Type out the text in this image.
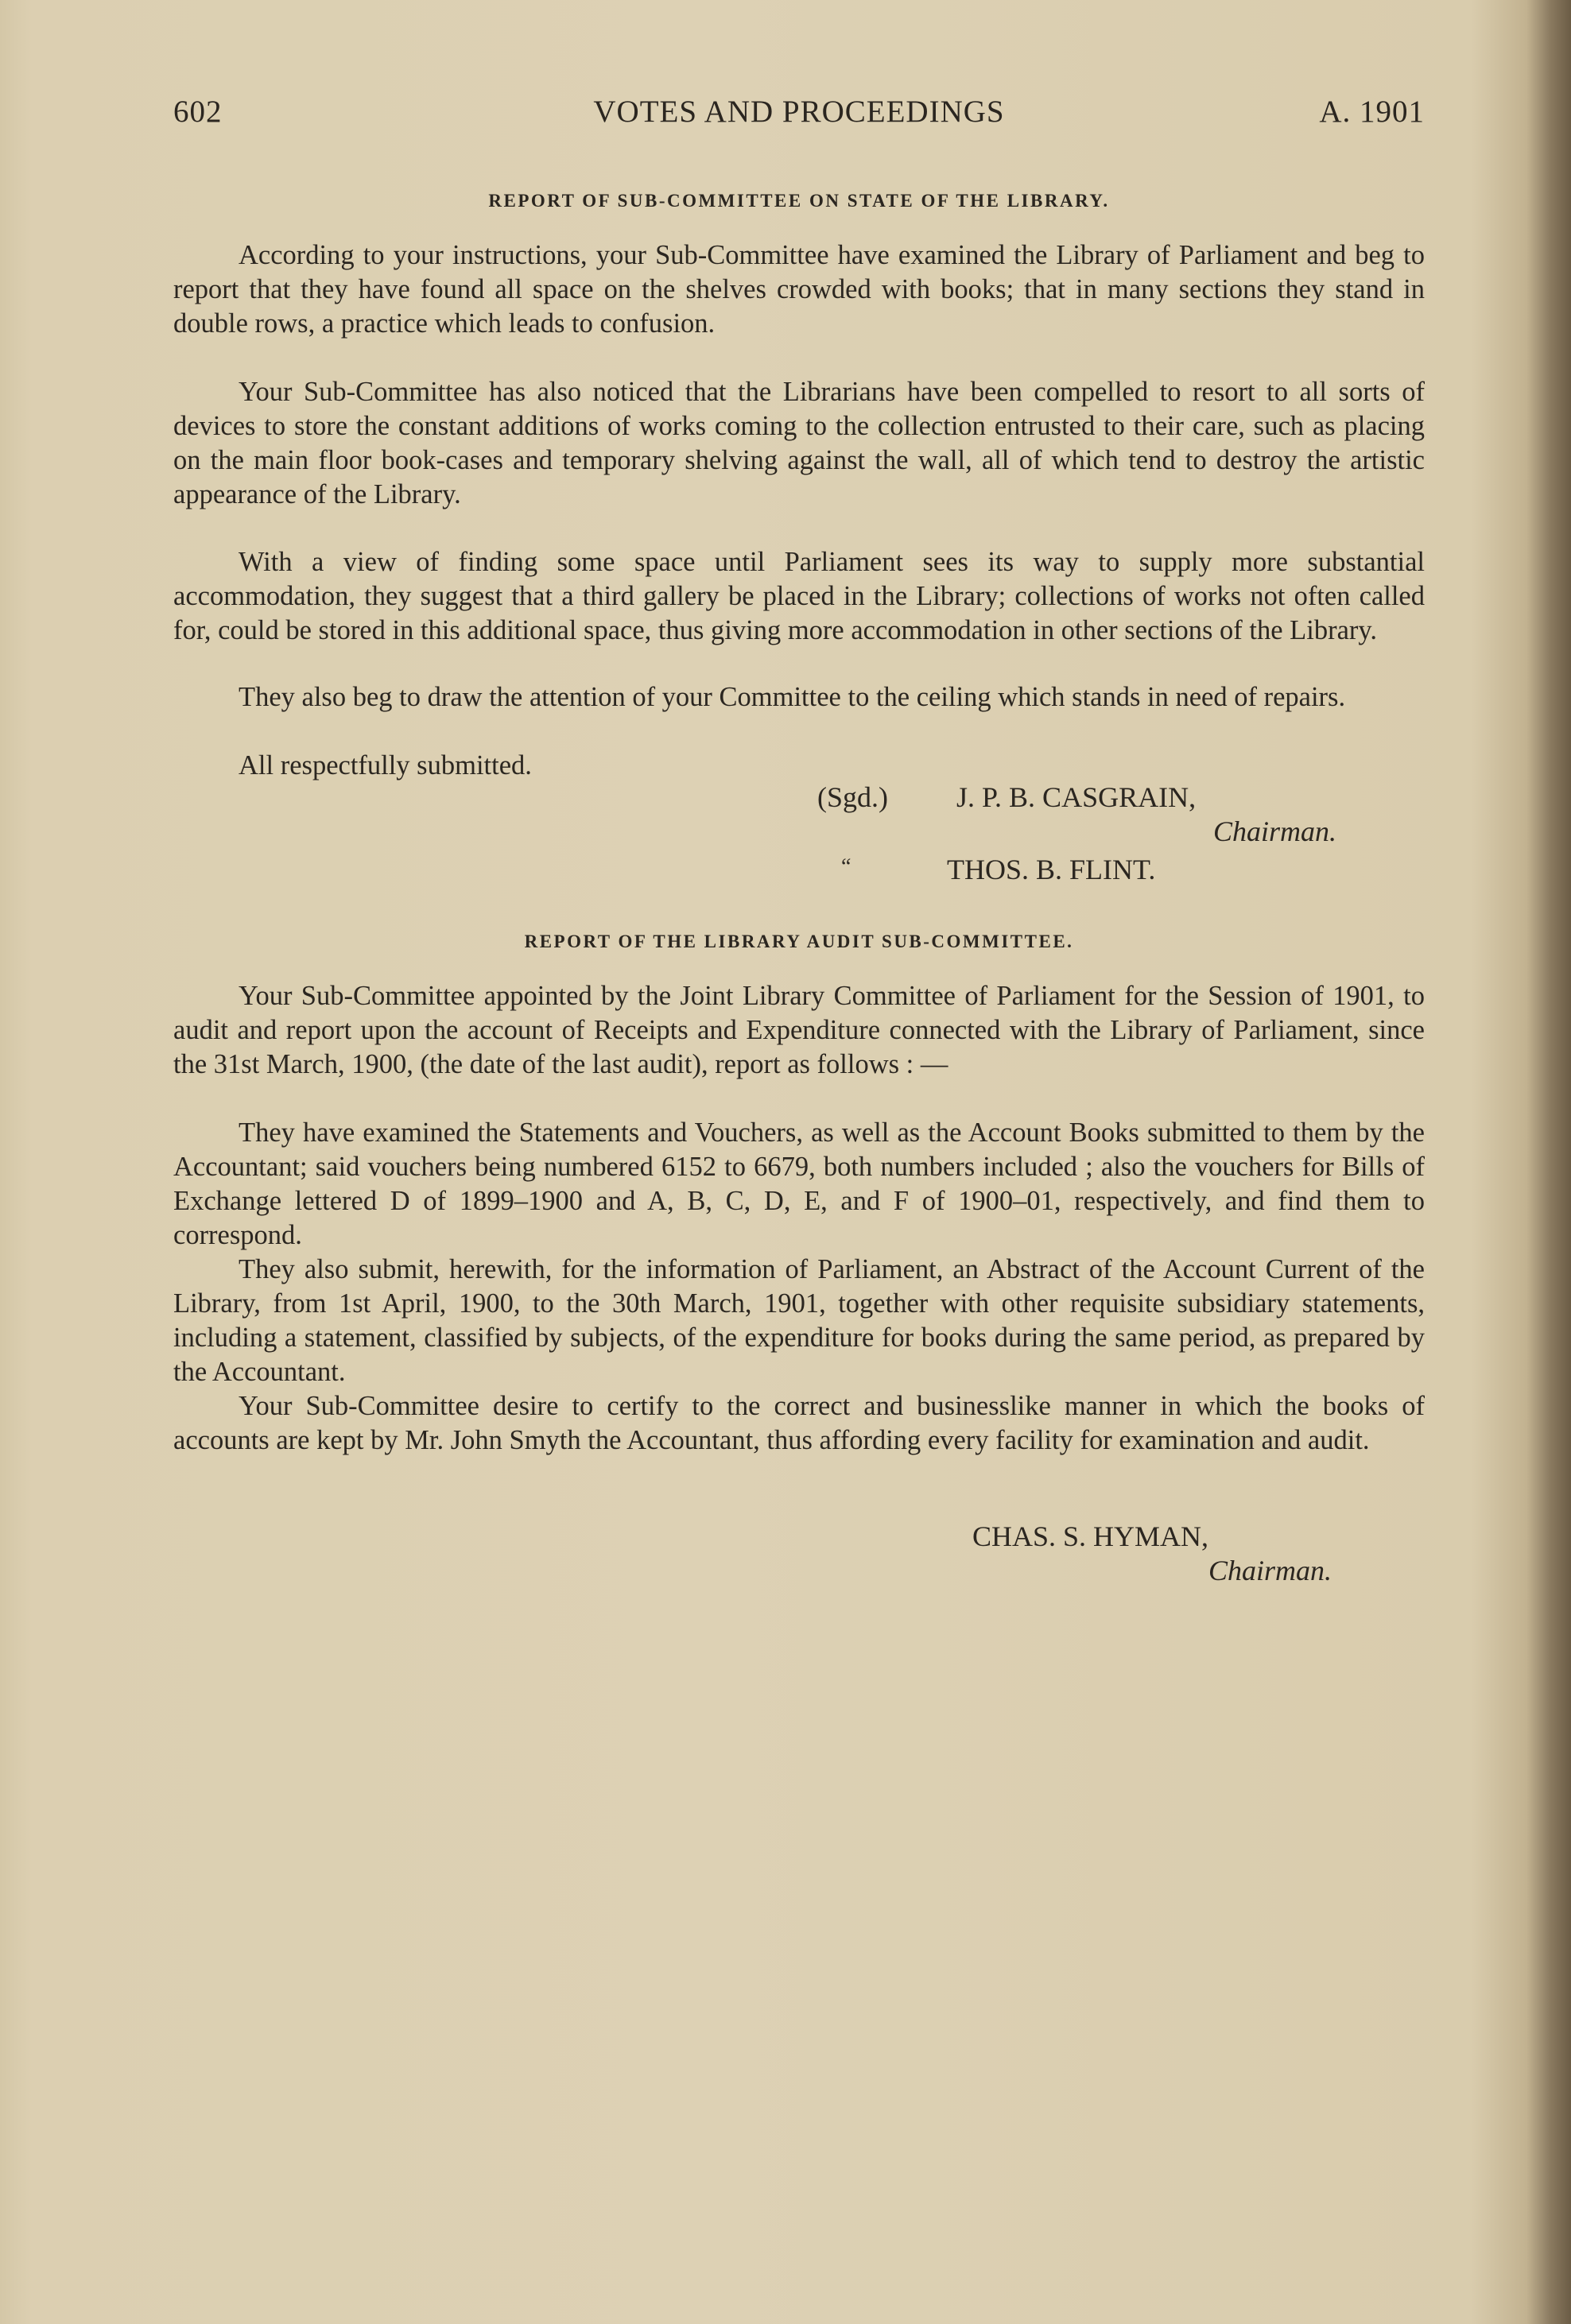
602	VOTES AND PROCEEDINGS	A. 1901
REPORT OF SUB-COMMITTEE ON STATE OF THE LIBRARY.

According to your instructions, your Sub-Committee have examined the Library of Parliament and beg to report that they have found all space on the shelves crowded with books; that in many sections they stand in double rows, a practice which leads to confusion.

Your Sub-Committee has also noticed that the Librarians have been compelled to resort to all sorts of devices to store the constant additions of works coming to the collection entrusted to their care, such as placing on the main floor book-cases and temporary shelving against the wall, all of which tend to destroy the artistic appearance of the Library.

With a view of finding some space until Parliament sees its way to supply more substantial accommodation, they suggest that a third gallery be placed in the Library; collections of works not often called for, could be stored in this additional space, thus giving more accommodation in other sections of the Library.

They also beg to draw the attention of your Committee to the ceiling which stands in need of repairs.

All respectfully submitted.

(Sgd.) J. P. B. CASGRAIN,
Chairman.
“	THOS. B. FLINT.
REPORT OF THE LIBRARY AUDIT SUB-COMMITTEE.

Your Sub-Committee appointed by the Joint Library Committee of Parliament for the Session of 1901, to audit and report upon the account of Receipts and Expenditure connected with the Library of Parliament, since the 31st March, 1900, (the date of the last audit), report as follows : —

They have examined the Statements and Vouchers, as well as the Account Books submitted to them by the Accountant; said vouchers being numbered 6152 to 6679, both numbers included ; also the vouchers for Bills of Exchange lettered D of 1899–1900 and A, B, C, D, E, and F of 1900–01, respectively, and find them to correspond.

They also submit, herewith, for the information of Parliament, an Abstract of the Account Current of the Library, from 1st April, 1900, to the 30th March, 1901, together with other requisite subsidiary statements, including a statement, classified by subjects, of the expenditure for books during the same period, as prepared by the Accountant.

Your Sub-Committee desire to certify to the correct and businesslike manner in which the books of accounts are kept by Mr. John Smyth the Accountant, thus affording every facility for examination and audit.

CHAS. S. HYMAN,
Chairman.
